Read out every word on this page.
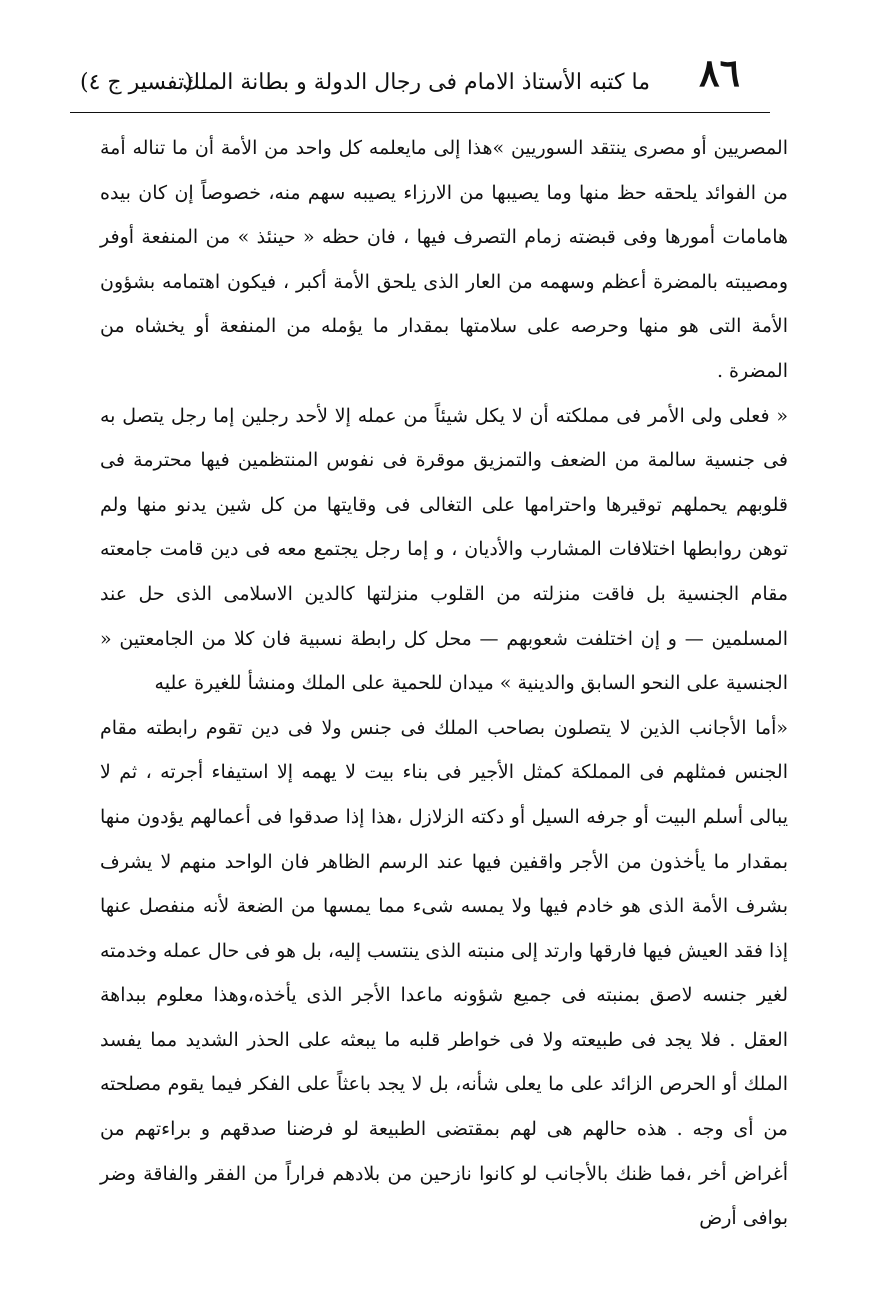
٨٦
ما كتبه الأستاذ الامام فى رجال الدولة و بطانة الملك
(تفسير ج ٤)

المصريين أو مصرى ينتقد السوريين »هذا إلى مايعلمه كل واحد من الأمة أن ما تناله أمة من الفوائد يلحقه حظ منها وما يصيبها من الارزاء يصيبه سهم منه، خصوصاً إن كان بيده هامامات أمورها وفى قبضته زمام التصرف فيها ، فان حظه « حينئذ » من المنفعة أوفر ومصيبته بالمضرة أعظم وسهمه من العار الذى يلحق الأمة أكبر ، فيكون اهتمامه بشؤون الأمة التى هو منها وحرصه على سلامتها بمقدار ما يؤمله من المنفعة أو يخشاه من المضرة .

« فعلى ولى الأمر فى مملكته أن لا يكل شيئاً من عمله إلا لأحد رجلين إما رجل يتصل به فى جنسية سالمة من الضعف والتمزيق موقرة فى نفوس المنتظمين فيها محترمة فى قلوبهم يحملهم توقيرها واحترامها على التغالى فى وقايتها من كل شين يدنو منها ولم توهن روابطها اختلافات المشارب والأديان ، و إما رجل يجتمع معه فى دين قامت جامعته مقام الجنسية بل فاقت منزلته من القلوب منزلتها كالدين الاسلامى الذى حل عند المسلمين — و إن اختلفت شعوبهم — محل كل رابطة نسبية فان كلا من الجامعتين « الجنسية على النحو السابق والدينية » ميدان للحمية على الملك ومنشأ للغيرة عليه

«أما الأجانب الذين لا يتصلون بصاحب الملك فى جنس ولا فى دين تقوم رابطته مقام الجنس فمثلهم فى المملكة كمثل الأجير فى بناء بيت لا يهمه إلا استيفاء أجرته ، ثم لا يبالى أسلم البيت أو جرفه السيل أو دكته الزلازل ،هذا إذا صدقوا فى أعمالهم يؤدون منها بمقدار ما يأخذون من الأجر واقفين فيها عند الرسم الظاهر فان الواحد منهم لا يشرف بشرف الأمة الذى هو خادم فيها ولا يمسه شىء مما يمسها من الضعة لأنه منفصل عنها إذا فقد العيش فيها فارقها وارتد إلى منبته الذى ينتسب إليه، بل هو فى حال عمله وخدمته لغير جنسه لاصق بمنبته فى جميع شؤونه ماعدا الأجر الذى يأخذه،وهذا معلوم ببداهة العقل . فلا يجد فى طبيعته ولا فى خواطر قلبه ما يبعثه على الحذر الشديد مما يفسد الملك أو الحرص الزائد على ما يعلى شأنه، بل لا يجد باعثاً على الفكر فيما يقوم مصلحته من أى وجه . هذه حالهم هى لهم بمقتضى الطبيعة لو فرضنا صدقهم و براءتهم من أغراض أخر ،فما ظنك بالأجانب لو كانوا نازحين من بلادهم فراراً من الفقر والفاقة وضر بوافى أرض
